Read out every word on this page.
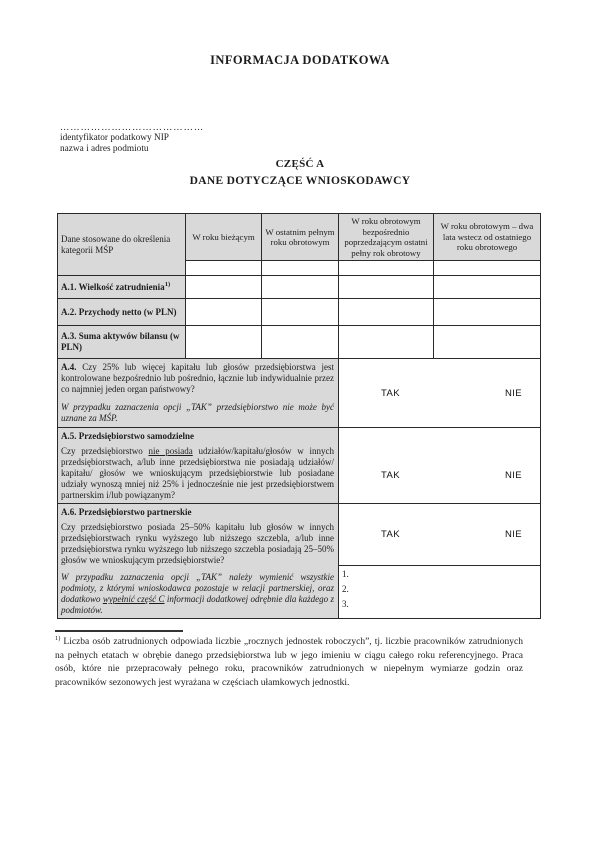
INFORMACJA DODATKOWA
……………………………………
identyfikator podatkowy NIP
nazwa i adres podmiotu
CZĘŚĆ A
DANE DOTYCZĄCE WNIOSKODAWCY
Dane stosowane do określenia kategorii MŚP	W roku bieżącym	W ostatnim pełnym roku obrotowym	W roku obrotowym bezpośrednio poprzedzającym ostatni pełny rok obrotowy	W roku obrotowym – dwa lata wstecz od ostatniego roku obrotowego

A.1. Wielkość zatrudnienia$^{1)}$				
A.2. Przychody netto (w PLN)				
A.3. Suma aktywów bilansu (w PLN)				

A.4. Czy 25% lub więcej kapitału lub głosów przedsiębiorstwa jest kontrolowane bezpośrednio lub pośrednio, łącznie lub indywidualnie przez co najmniej jeden organ państwowy?

W przypadku zaznaczenia opcji „TAK” przedsiębiorstwo nie może być uznane za MŚP.

TAK	NIE

A.5. Przedsiębiorstwo samodzielne

Czy przedsiębiorstwo nie posiada udziałów/kapitału/głosów w innych przedsiębiorstwach, a/lub inne przedsiębiorstwa nie posiadają udziałów/ kapitału/ głosów we wnioskującym przedsiębiorstwie lub posiadane udziały wynoszą mniej niż 25% i jednocześnie nie jest przedsiębiorstwem partnerskim i/lub powiązanym?

TAK	NIE

A.6. Przedsiębiorstwo partnerskie

Czy przedsiębiorstwo posiada 25–50% kapitału lub głosów w innych przedsiębiorstwach rynku wyższego lub niższego szczebla, a/lub inne przedsiębiorstwa rynku wyższego lub niższego szczebla posiadają 25–50% głosów we wnioskującym przedsiębiorstwie?

W przypadku zaznaczenia opcji „TAK” należy wymienić wszystkie podmioty, z którymi wnioskodawca pozostaje w relacji partnerskiej, oraz dodatkowo wypełnić część C informacji dodatkowej odrębnie dla każdego z podmiotów.

TAK	NIE

			1.
2.
3.	

$^{1)}$ Liczba osób zatrudnionych odpowiada liczbie „rocznych jednostek roboczych”, tj. liczbie pracowników zatrudnionych na pełnych etatach w obrębie danego przedsiębiorstwa lub w jego imieniu w ciągu całego roku referencyjnego. Praca osób, które nie przepracowały pełnego roku, pracowników zatrudnionych w niepełnym wymiarze godzin oraz pracowników sezonowych jest wyrażana w częściach ułamkowych jednostki.
